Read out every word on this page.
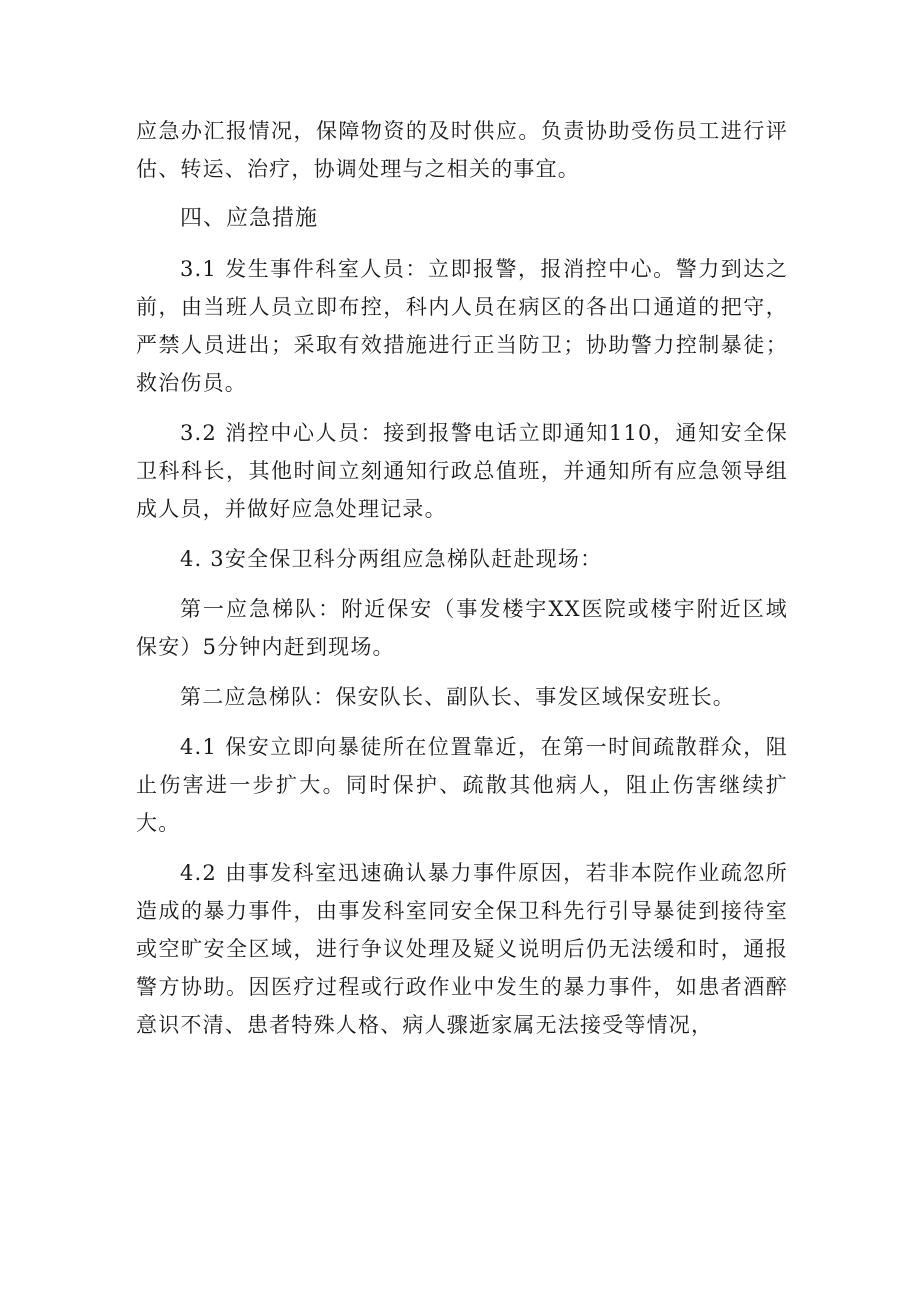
应急办汇报情况，保障物资的及时供应。负责协助受伤员工进行评估、转运、治疗，协调处理与之相关的事宜。

四、应急措施

3.1 发生事件科室人员：立即报警，报消控中心。警力到达之前，由当班人员立即布控，科内人员在病区的各出口通道的把守，严禁人员进出；采取有效措施进行正当防卫；协助警力控制暴徒；救治伤员。

3.2 消控中心人员：接到报警电话立即通知110，通知安全保卫科科长，其他时间立刻通知行政总值班，并通知所有应急领导组成人员，并做好应急处理记录。

4. 3安全保卫科分两组应急梯队赶赴现场：

第一应急梯队：附近保安（事发楼宇XX医院或楼宇附近区域保安）5分钟内赶到现场。

第二应急梯队：保安队长、副队长、事发区域保安班长。

4.1 保安立即向暴徒所在位置靠近，在第一时间疏散群众，阻止伤害进一步扩大。同时保护、疏散其他病人，阻止伤害继续扩大。

4.2 由事发科室迅速确认暴力事件原因，若非本院作业疏忽所造成的暴力事件，由事发科室同安全保卫科先行引导暴徒到接待室或空旷安全区域，进行争议处理及疑义说明后仍无法缓和时，通报警方协助。因医疗过程或行政作业中发生的暴力事件，如患者酒醉意识不清、患者特殊人格、病人骤逝家属无法接受等情况，
